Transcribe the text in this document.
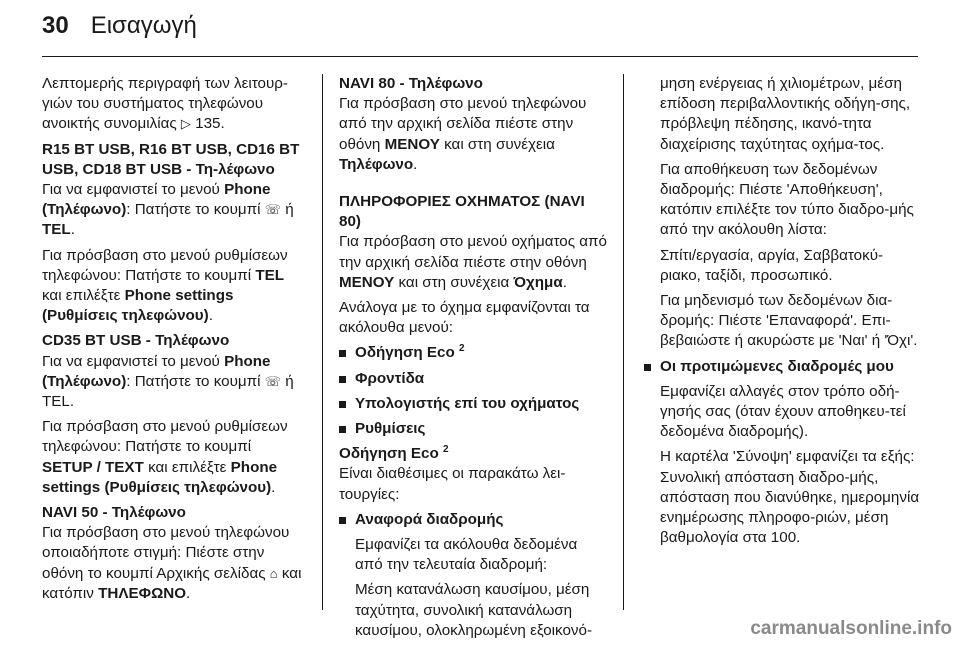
30 Εισαγωγή

Λεπτομερής περιγραφή των λειτουρ-γιών του συστήματος τηλεφώνου ανοικτής συνομιλίας ▷ 135.

R15 BT USB, R16 BT USB, CD16 BT USB, CD18 BT USB - Τη-λέφωνο

Για να εμφανιστεί το μενού Phone (Τηλέφωνο): Πατήστε το κουμπί ☏ ή TEL.

Για πρόσβαση στο μενού ρυθμίσεων τηλεφώνου: Πατήστε το κουμπί TEL και επιλέξτε Phone settings (Ρυθμίσεις τηλεφώνου).

CD35 BT USB - Τηλέφωνο

Για να εμφανιστεί το μενού Phone (Τηλέφωνο): Πατήστε το κουμπί ☏ ή TEL.

Για πρόσβαση στο μενού ρυθμίσεων τηλεφώνου: Πατήστε το κουμπί SETUP / TEXT και επιλέξτε Phone settings (Ρυθμίσεις τηλεφώνου).

NAVI 50 - Τηλέφωνο

Για πρόσβαση στο μενού τηλεφώνου οποιαδήποτε στιγμή: Πιέστε στην οθόνη το κουμπί Αρχικής σελίδας ⌂ και κατόπιν ΤΗΛΕΦΩΝΟ.

NAVI 80 - Τηλέφωνο

Για πρόσβαση στο μενού τηλεφώνου από την αρχική σελίδα πιέστε στην οθόνη ΜΕΝΟΥ και στη συνέχεια Τηλέφωνο.

ΠΛΗΡΟΦΟΡΙΕΣ ΟΧΗΜΑΤΟΣ (NAVI 80)

Για πρόσβαση στο μενού οχήματος από την αρχική σελίδα πιέστε στην οθόνη ΜΕΝΟΥ και στη συνέχεια Όχημα.

Ανάλογα με το όχημα εμφανίζονται τα ακόλουθα μενού:

Οδήγηση Eco $^2$
Φροντίδα
Υπολογιστής επί του οχήματος
Ρυθμίσεις

Οδήγηση Eco $^2$

Είναι διαθέσιμες οι παρακάτω λει-τουργίες:

Αναφορά διαδρομής

Εμφανίζει τα ακόλουθα δεδομένα από την τελευταία διαδρομή:

Μέση κατανάλωση καυσίμου, μέση ταχύτητα, συνολική κατανάλωση καυσίμου, ολοκληρωμένη εξοικονό-

μηση ενέργειας ή χιλιομέτρων, μέση επίδοση περιβαλλοντικής οδήγη-σης, πρόβλεψη πέδησης, ικανό-τητα διαχείρισης ταχύτητας οχήμα-τος.

Για αποθήκευση των δεδομένων διαδρομής: Πιέστε 'Αποθήκευση', κατόπιν επιλέξτε τον τύπο διαδρο-μής από την ακόλουθη λίστα:

Σπίτι/εργασία, αργία, Σαββατοκύ-ριακο, ταξίδι, προσωπικό.

Για μηδενισμό των δεδομένων δια-δρομής: Πιέστε 'Επαναφορά'. Επι-βεβαιώστε ή ακυρώστε με 'Ναι' ή 'Όχι'.

Οι προτιμώμενες διαδρομές μου

Εμφανίζει αλλαγές στον τρόπο οδή-γησής σας (όταν έχουν αποθηκευ-τεί δεδομένα διαδρομής).

Η καρτέλα 'Σύνοψη' εμφανίζει τα εξής: Συνολική απόσταση διαδρο-μής, απόσταση που διανύθηκε, ημερομηνία ενημέρωσης πληροφο-ριών, μέση βαθμολογία στα 100.

carmanualsonline.info
